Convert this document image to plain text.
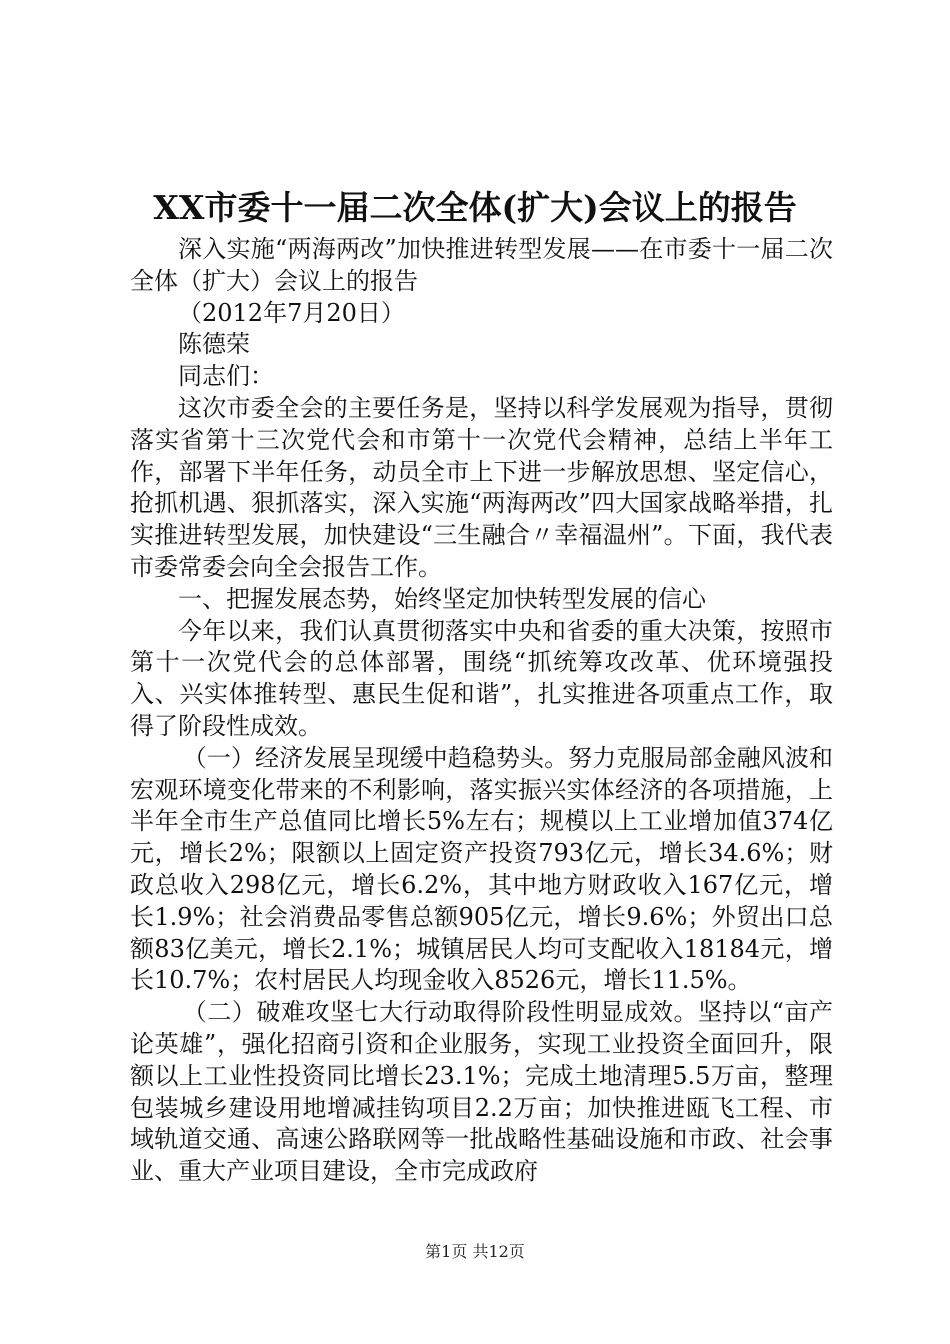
XX市委十一届二次全体(扩大)会议上的报告

深入实施“两海两改”加快推进转型发展——在市委十一届二次全体（扩大）会议上的报告

（2012年7月20日）

陈德荣

同志们：

这次市委全会的主要任务是，坚持以科学发展观为指导，贯彻落实省第十三次党代会和市第十一次党代会精神，总结上半年工作，部署下半年任务，动员全市上下进一步解放思想、坚定信心，抢抓机遇、狠抓落实，深入实施“两海两改”四大国家战略举措，扎实推进转型发展，加快建设“三生融合〃幸福温州”。下面，我代表市委常委会向全会报告工作。

一、把握发展态势，始终坚定加快转型发展的信心

今年以来，我们认真贯彻落实中央和省委的重大决策，按照市第十一次党代会的总体部署，围绕“抓统筹攻改革、优环境强投入、兴实体推转型、惠民生促和谐”，扎实推进各项重点工作，取得了阶段性成效。

（一）经济发展呈现缓中趋稳势头。努力克服局部金融风波和宏观环境变化带来的不利影响，落实振兴实体经济的各项措施，上半年全市生产总值同比增长5%左右；规模以上工业增加值374亿元，增长2%；限额以上固定资产投资793亿元，增长34.6%；财政总收入298亿元，增长6.2%，其中地方财政收入167亿元，增长1.9%；社会消费品零售总额905亿元，增长9.6%；外贸出口总额83亿美元，增长2.1%；城镇居民人均可支配收入18184元，增长10.7%；农村居民人均现金收入8526元，增长11.5%。

（二）破难攻坚七大行动取得阶段性明显成效。坚持以“亩产论英雄”，强化招商引资和企业服务，实现工业投资全面回升，限额以上工业性投资同比增长23.1%；完成土地清理5.5万亩，整理包装城乡建设用地增减挂钩项目2.2万亩；加快推进瓯飞工程、市域轨道交通、高速公路联网等一批战略性基础设施和市政、社会事业、重大产业项目建设，全市完成政府

第1页 共12页
